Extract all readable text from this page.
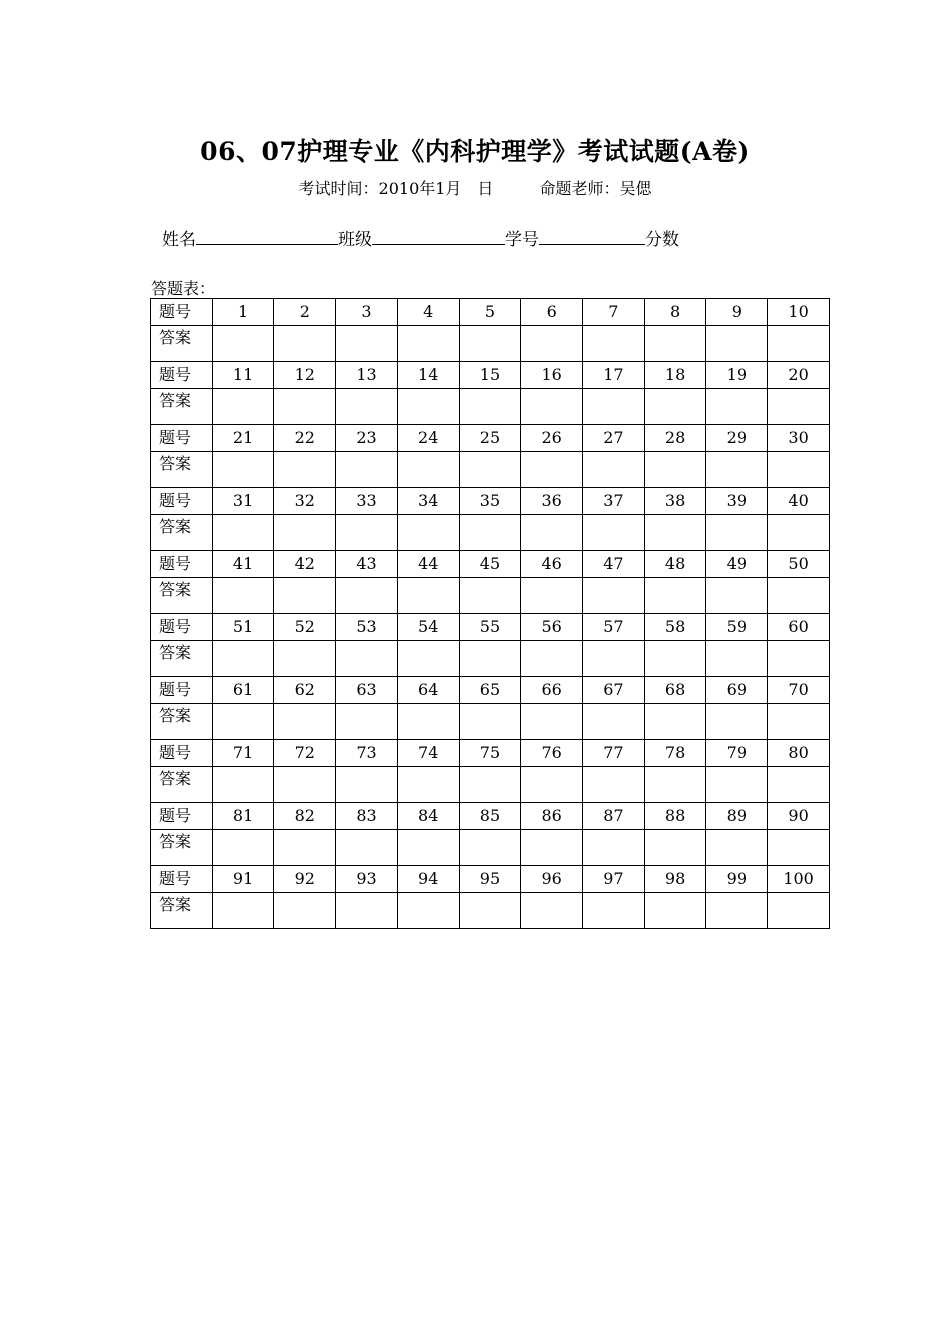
06、07护理专业《内科护理学》考试试题(A卷)
考试时间：2010年1月　日	命题老师：吴偲
姓名	班级	学号	分数
答题表：
题号	1	2	3	4	5	6	7	8	9	10
答案										
题号	11	12	13	14	15	16	17	18	19	20
答案										
题号	21	22	23	24	25	26	27	28	29	30
答案										
题号	31	32	33	34	35	36	37	38	39	40
答案										
题号	41	42	43	44	45	46	47	48	49	50
答案										
题号	51	52	53	54	55	56	57	58	59	60
答案										
题号	61	62	63	64	65	66	67	68	69	70
答案										
题号	71	72	73	74	75	76	77	78	79	80
答案										
题号	81	82	83	84	85	86	87	88	89	90
答案										
题号	91	92	93	94	95	96	97	98	99	100
答案										
